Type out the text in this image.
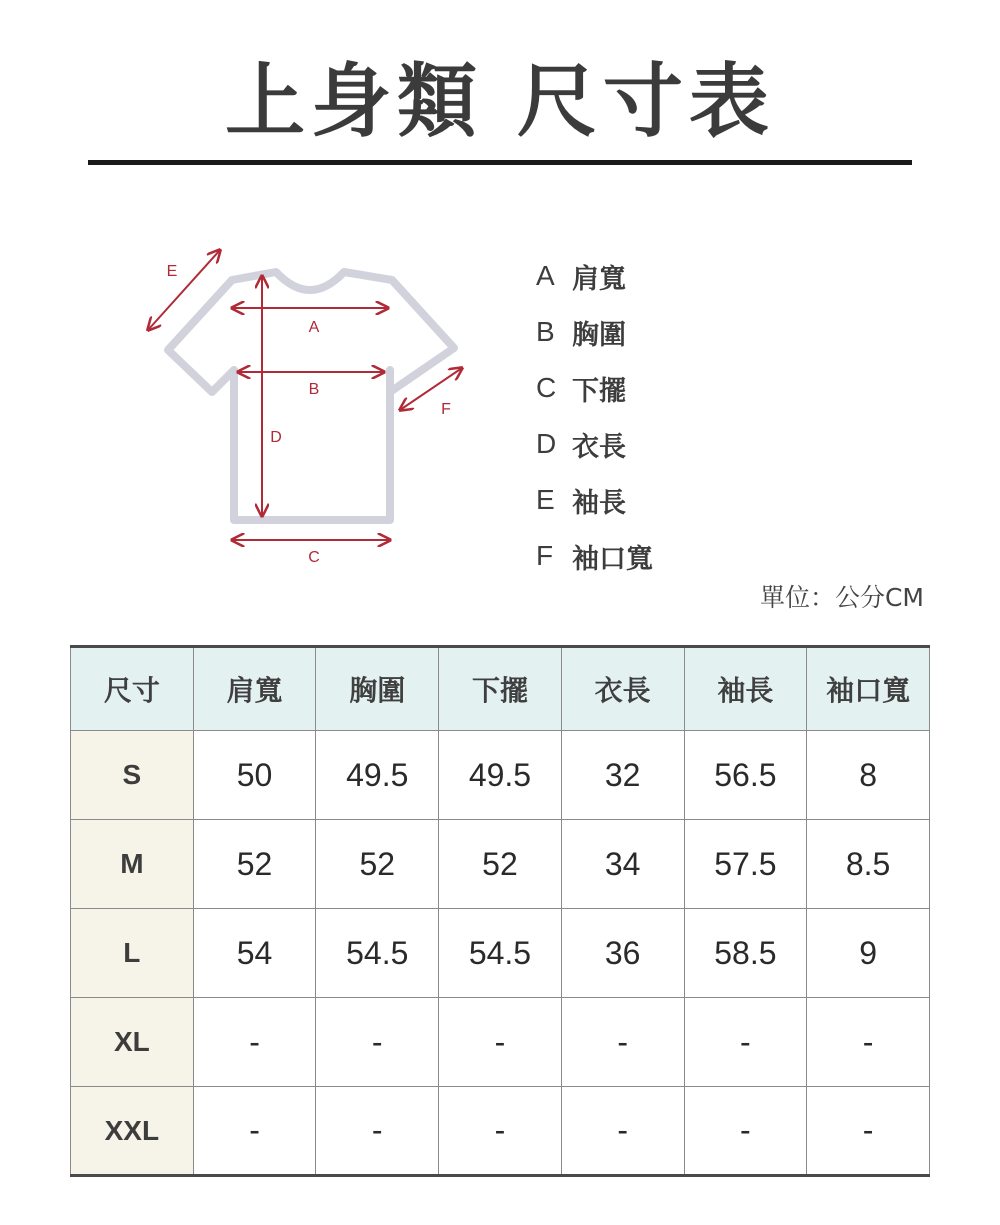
上身類 尺寸表
A
B
C
D
E
F
A 肩寬
B 胸圍
C 下擺
D 衣長
E 袖長
F 袖口寬
單位：公分CM
尺寸	肩寬	胸圍	下擺	衣長	袖長	袖口寬
S	50	49.5	49.5	32	56.5	8
M	52	52	52	34	57.5	8.5
L	54	54.5	54.5	36	58.5	9
XL	-	-	-	-	-	-
XXL	-	-	-	-	-	-
